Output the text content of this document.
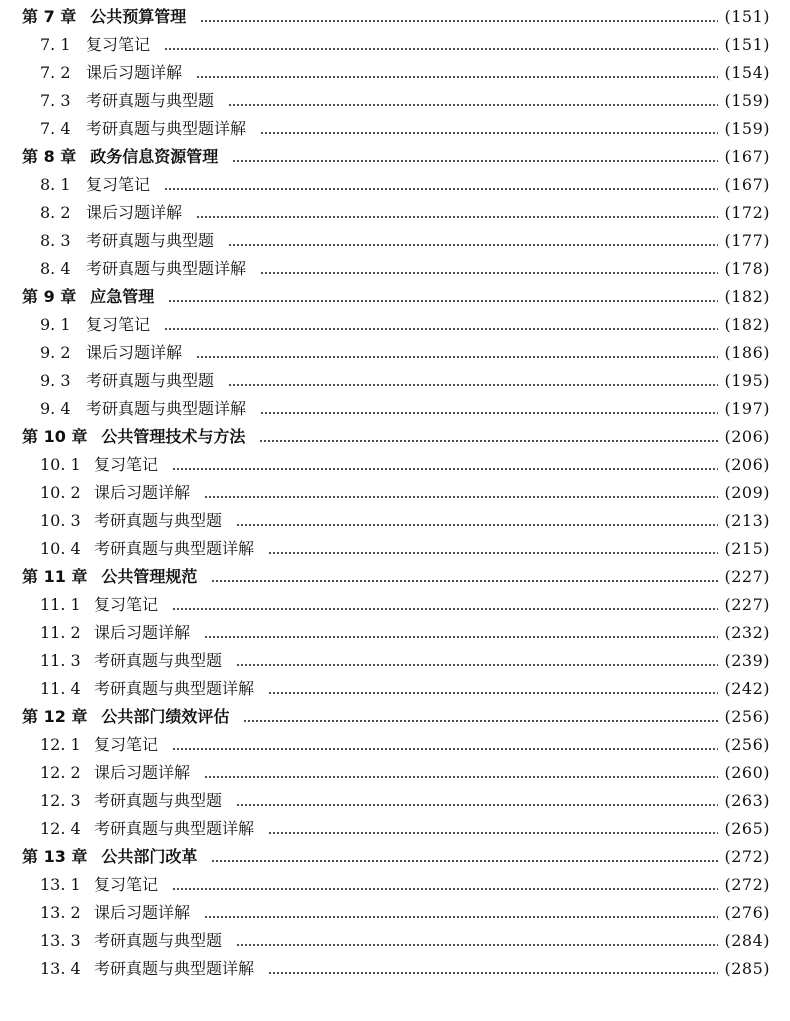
第 7 章 公共预算管理	(151)
7. 1 复习笔记	(151)
7. 2 课后习题详解	(154)
7. 3 考研真题与典型题	(159)
7. 4 考研真题与典型题详解	(159)
第 8 章 政务信息资源管理	(167)
8. 1 复习笔记	(167)
8. 2 课后习题详解	(172)
8. 3 考研真题与典型题	(177)
8. 4 考研真题与典型题详解	(178)
第 9 章 应急管理	(182)
9. 1 复习笔记	(182)
9. 2 课后习题详解	(186)
9. 3 考研真题与典型题	(195)
9. 4 考研真题与典型题详解	(197)
第 10 章 公共管理技术与方法	(206)
10. 1 复习笔记	(206)
10. 2 课后习题详解	(209)
10. 3 考研真题与典型题	(213)
10. 4 考研真题与典型题详解	(215)
第 11 章 公共管理规范	(227)
11. 1 复习笔记	(227)
11. 2 课后习题详解	(232)
11. 3 考研真题与典型题	(239)
11. 4 考研真题与典型题详解	(242)
第 12 章 公共部门绩效评估	(256)
12. 1 复习笔记	(256)
12. 2 课后习题详解	(260)
12. 3 考研真题与典型题	(263)
12. 4 考研真题与典型题详解	(265)
第 13 章 公共部门改革	(272)
13. 1 复习笔记	(272)
13. 2 课后习题详解	(276)
13. 3 考研真题与典型题	(284)
13. 4 考研真题与典型题详解	(285)
